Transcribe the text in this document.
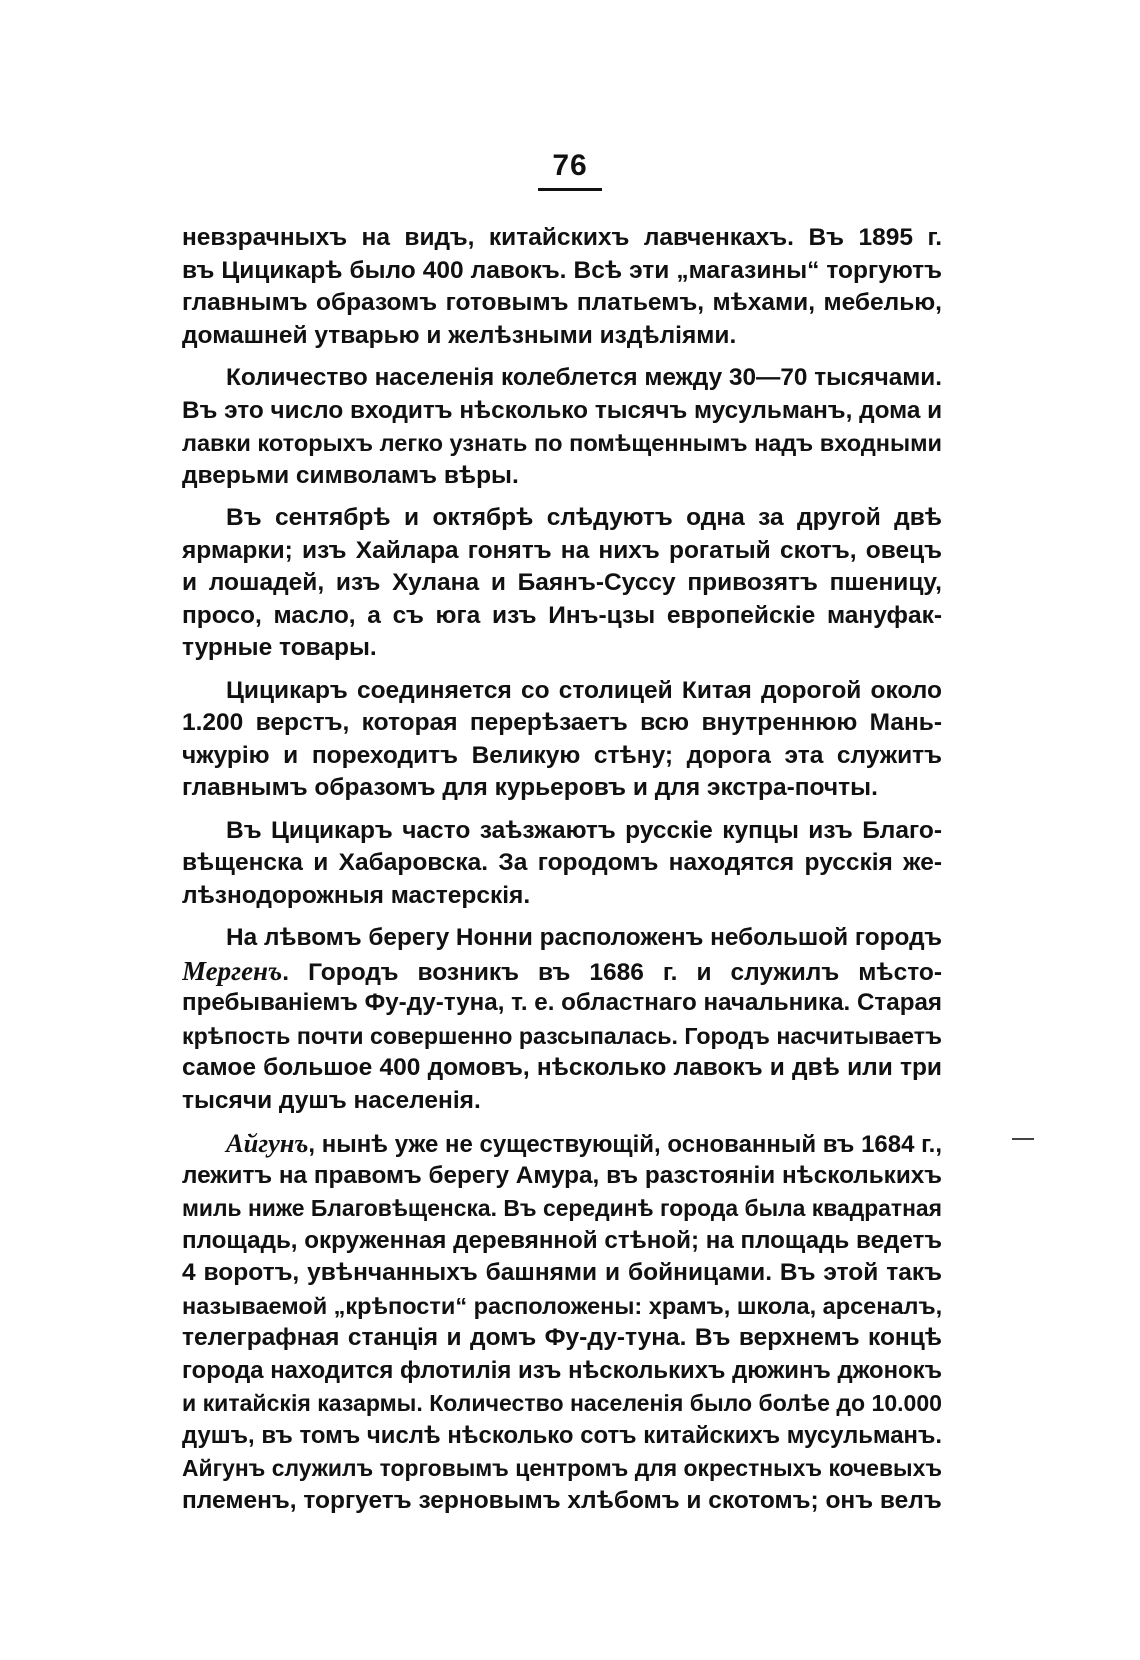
76
невзрачныхъ на видъ, китайскихъ лавченкахъ. Въ 1895 г.
въ Цицикарѣ было 400 лавокъ. Всѣ эти „магазины“ торгуютъ
главнымъ образомъ готовымъ платьемъ, мѣхами, мебелью,
домашней утварью и желѣзными издѣліями.
Количество населенія колеблется между 30—70 тысячами.
Въ это число входитъ нѣсколько тысячъ мусульманъ, дома и
лавки которыхъ легко узнать по помѣщеннымъ надъ входными
дверьми символамъ вѣры.
Въ сентябрѣ и октябрѣ слѣдуютъ одна за другой двѣ
ярмарки; изъ Хайлара гонятъ на нихъ рогатый скотъ, овецъ
и лошадей, изъ Хулана и Баянъ-Суссу привозятъ пшеницу,
просо, масло, а съ юга изъ Инъ-цзы европейскіе мануфак-
турные товары.
Цицикаръ соединяется со столицей Китая дорогой около
1.200 верстъ, которая перерѣзаетъ всю внутреннюю Мань-
чжурію и пореходитъ Великую стѣну; дорога эта служитъ
главнымъ образомъ для курьеровъ и для экстра-почты.
Въ Цицикаръ часто заѣзжаютъ русскіе купцы изъ Благо-
вѣщенска и Хабаровска. За городомъ находятся русскія же-
лѣзнодорожныя мастерскія.
На лѣвомъ берегу Нонни расположенъ небольшой городъ
Мергенъ. Городъ возникъ въ 1686 г. и служилъ мѣсто-
пребываніемъ Фу-ду-туна, т. е. областнаго начальника. Старая
крѣпость почти совершенно разсыпалась. Городъ насчитываетъ
самое большое 400 домовъ, нѣсколько лавокъ и двѣ или три
тысячи душъ населенія.
Айгунъ, нынѣ уже не существующій, основанный въ 1684 г.,
лежитъ на правомъ берегу Амура, въ разстояніи нѣсколькихъ
миль ниже Благовѣщенска. Въ серединѣ города была квадратная
площадь, окруженная деревянной стѣной; на площадь ведетъ
4 воротъ, увѣнчанныхъ башнями и бойницами. Въ этой такъ
называемой „крѣпости“ расположены: храмъ, школа, арсеналъ,
телеграфная станція и домъ Фу-ду-туна. Въ верхнемъ концѣ
города находится флотилія изъ нѣсколькихъ дюжинъ джонокъ
и китайскія казармы. Количество населенія было болѣе до 10.000
душъ, въ томъ числѣ нѣсколько сотъ китайскихъ мусульманъ.
Айгунъ служилъ торговымъ центромъ для окрестныхъ кочевыхъ
племенъ, торгуетъ зерновымъ хлѣбомъ и скотомъ; онъ велъ
